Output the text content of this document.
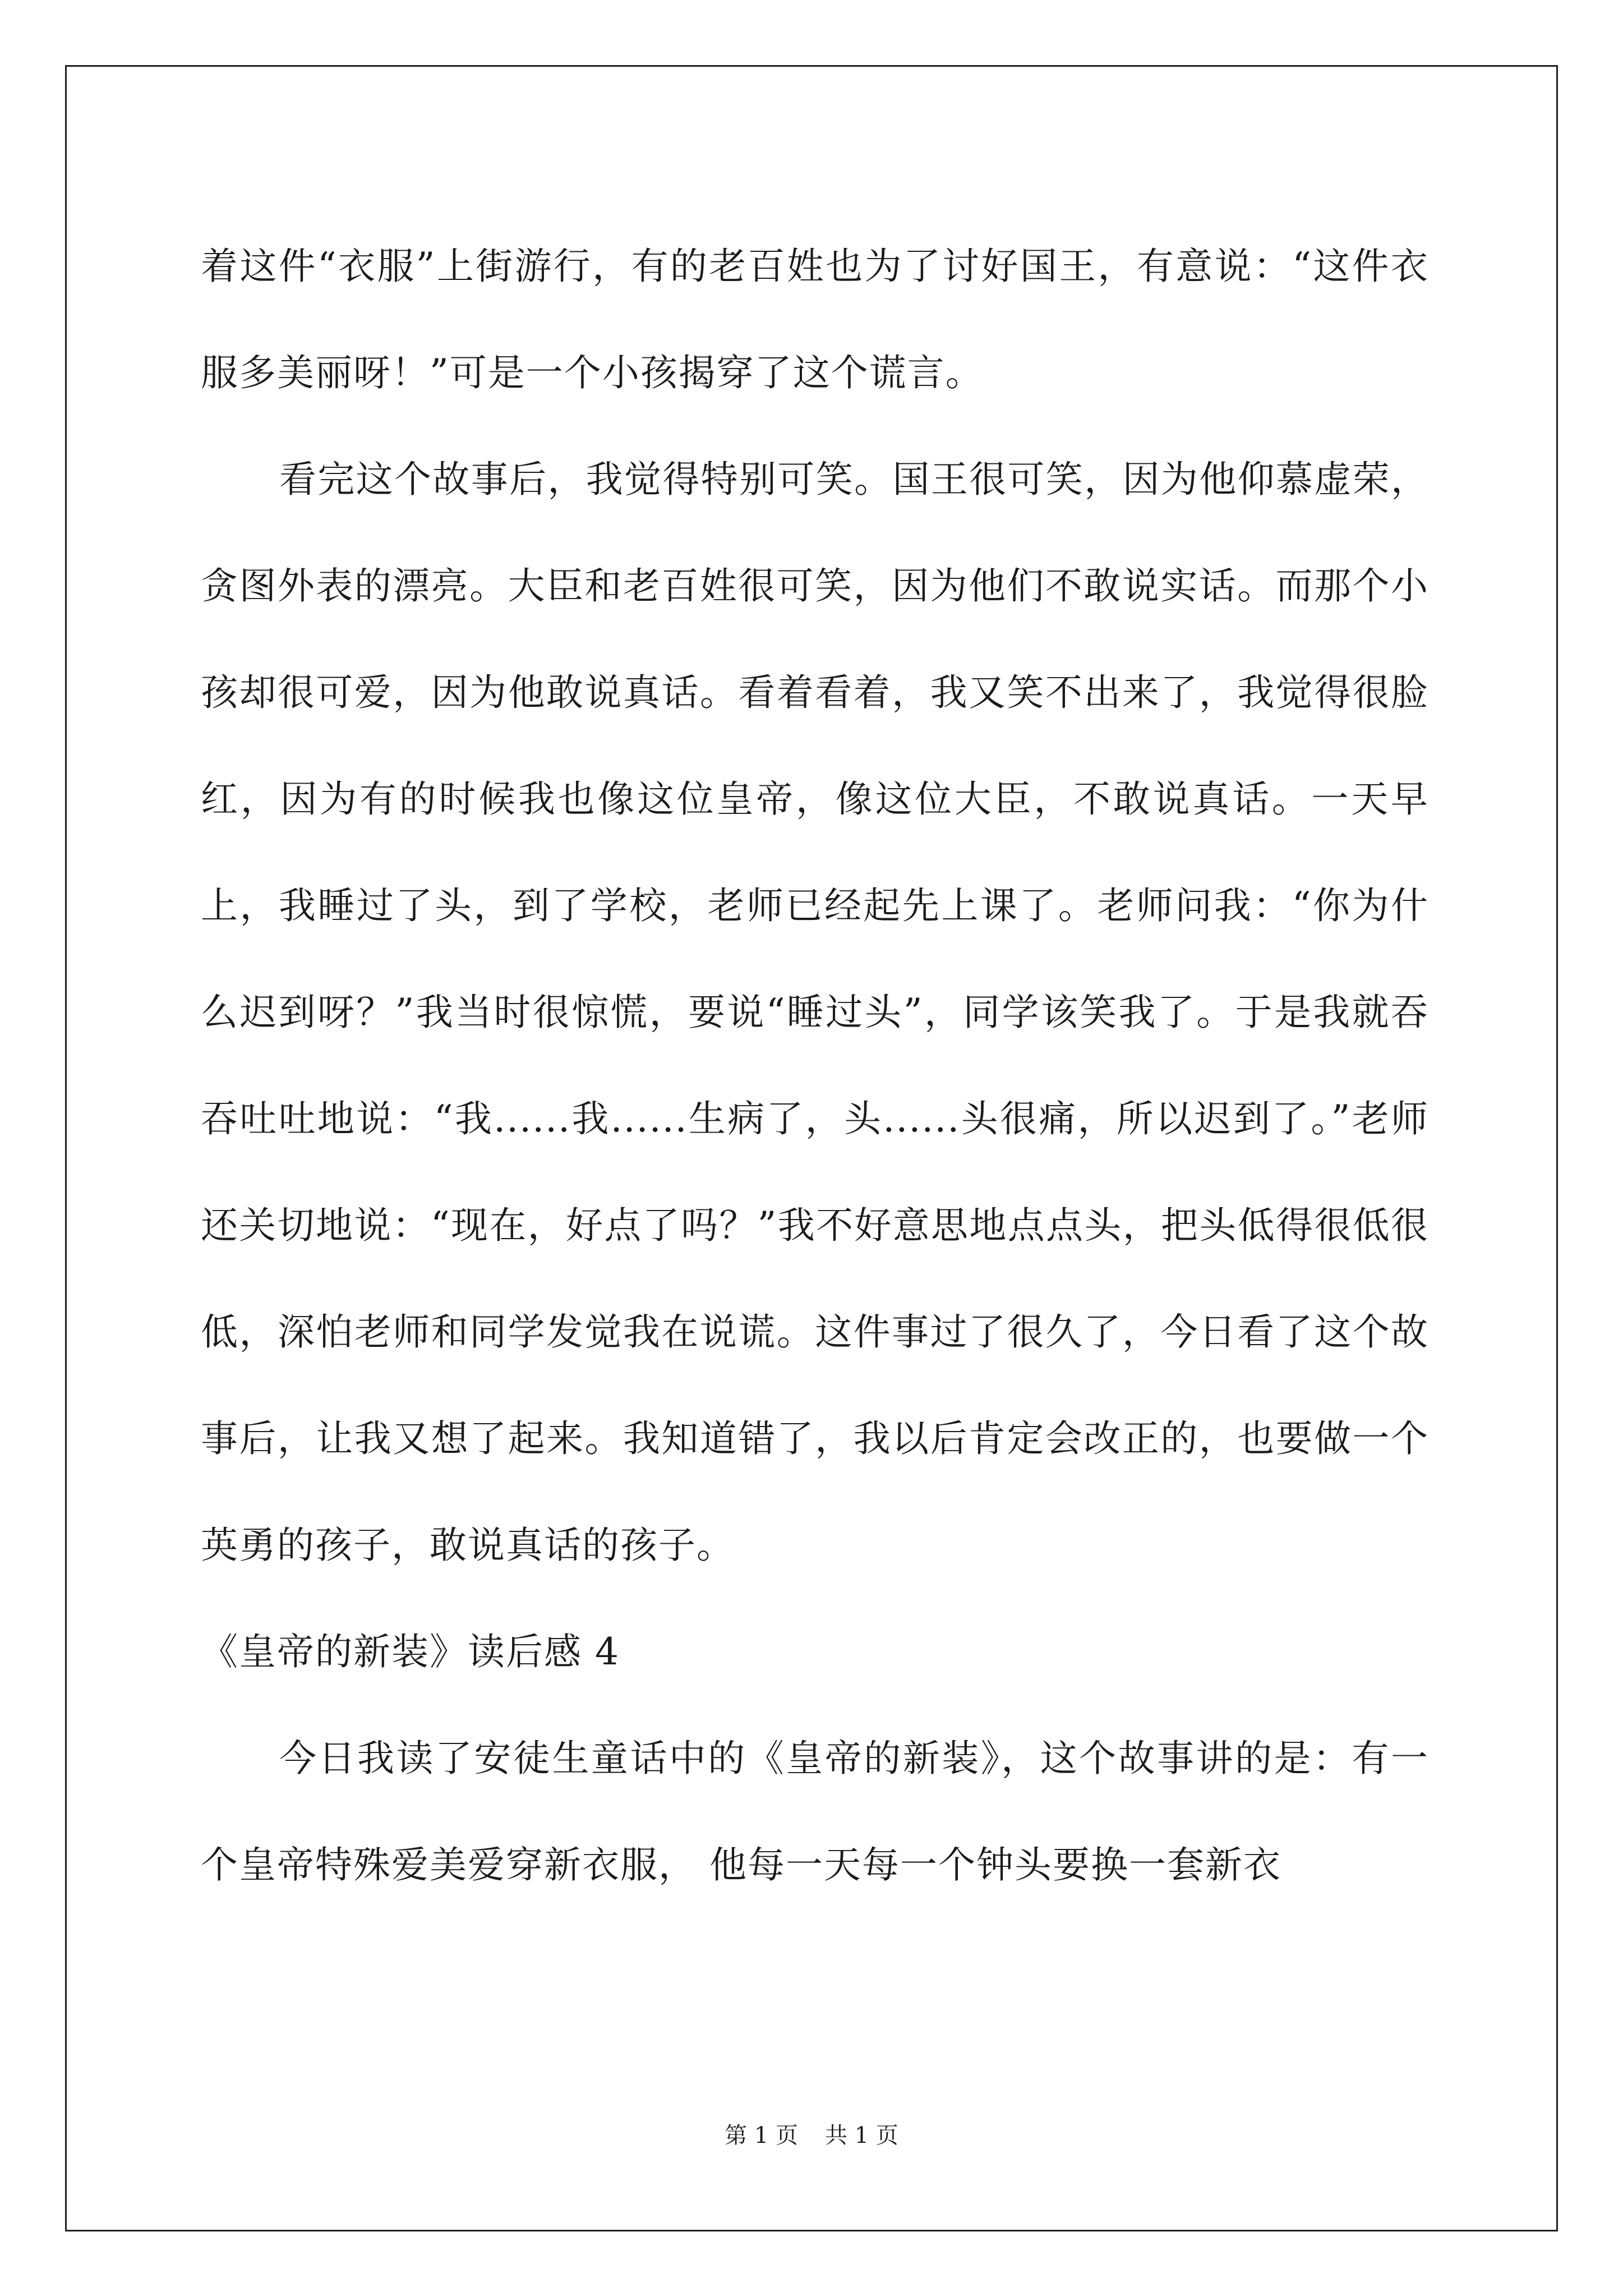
着这件“衣服”上街游行，有的老百姓也为了讨好国王，有意说：“这件衣服多美丽呀！”可是一个小孩揭穿了这个谎言。

看完这个故事后，我觉得特别可笑。国王很可笑，因为他仰慕虚荣，贪图外表的漂亮。大臣和老百姓很可笑，因为他们不敢说实话。而那个小孩却很可爱，因为他敢说真话。看着看着，我又笑不出来了，我觉得很脸红，因为有的时候我也像这位皇帝，像这位大臣，不敢说真话。一天早上，我睡过了头，到了学校，老师已经起先上课了。老师问我：“你为什么迟到呀？”我当时很惊慌，要说“睡过头”，同学该笑我了。于是我就吞吞吐吐地说：“我......我......生病了，头......头很痛，所以迟到了。”老师还关切地说：“现在，好点了吗？”我不好意思地点点头，把头低得很低很低，深怕老师和同学发觉我在说谎。这件事过了很久了，今日看了这个故事后，让我又想了起来。我知道错了，我以后肯定会改正的，也要做一个英勇的孩子，敢说真话的孩子。

《皇帝的新装》读后感 4

今日我读了安徒生童话中的《皇帝的新装》，这个故事讲的是：有一个皇帝特殊爱美爱穿新衣服， 他每一天每一个钟头要换一套新衣

第 1 页 共 1 页
